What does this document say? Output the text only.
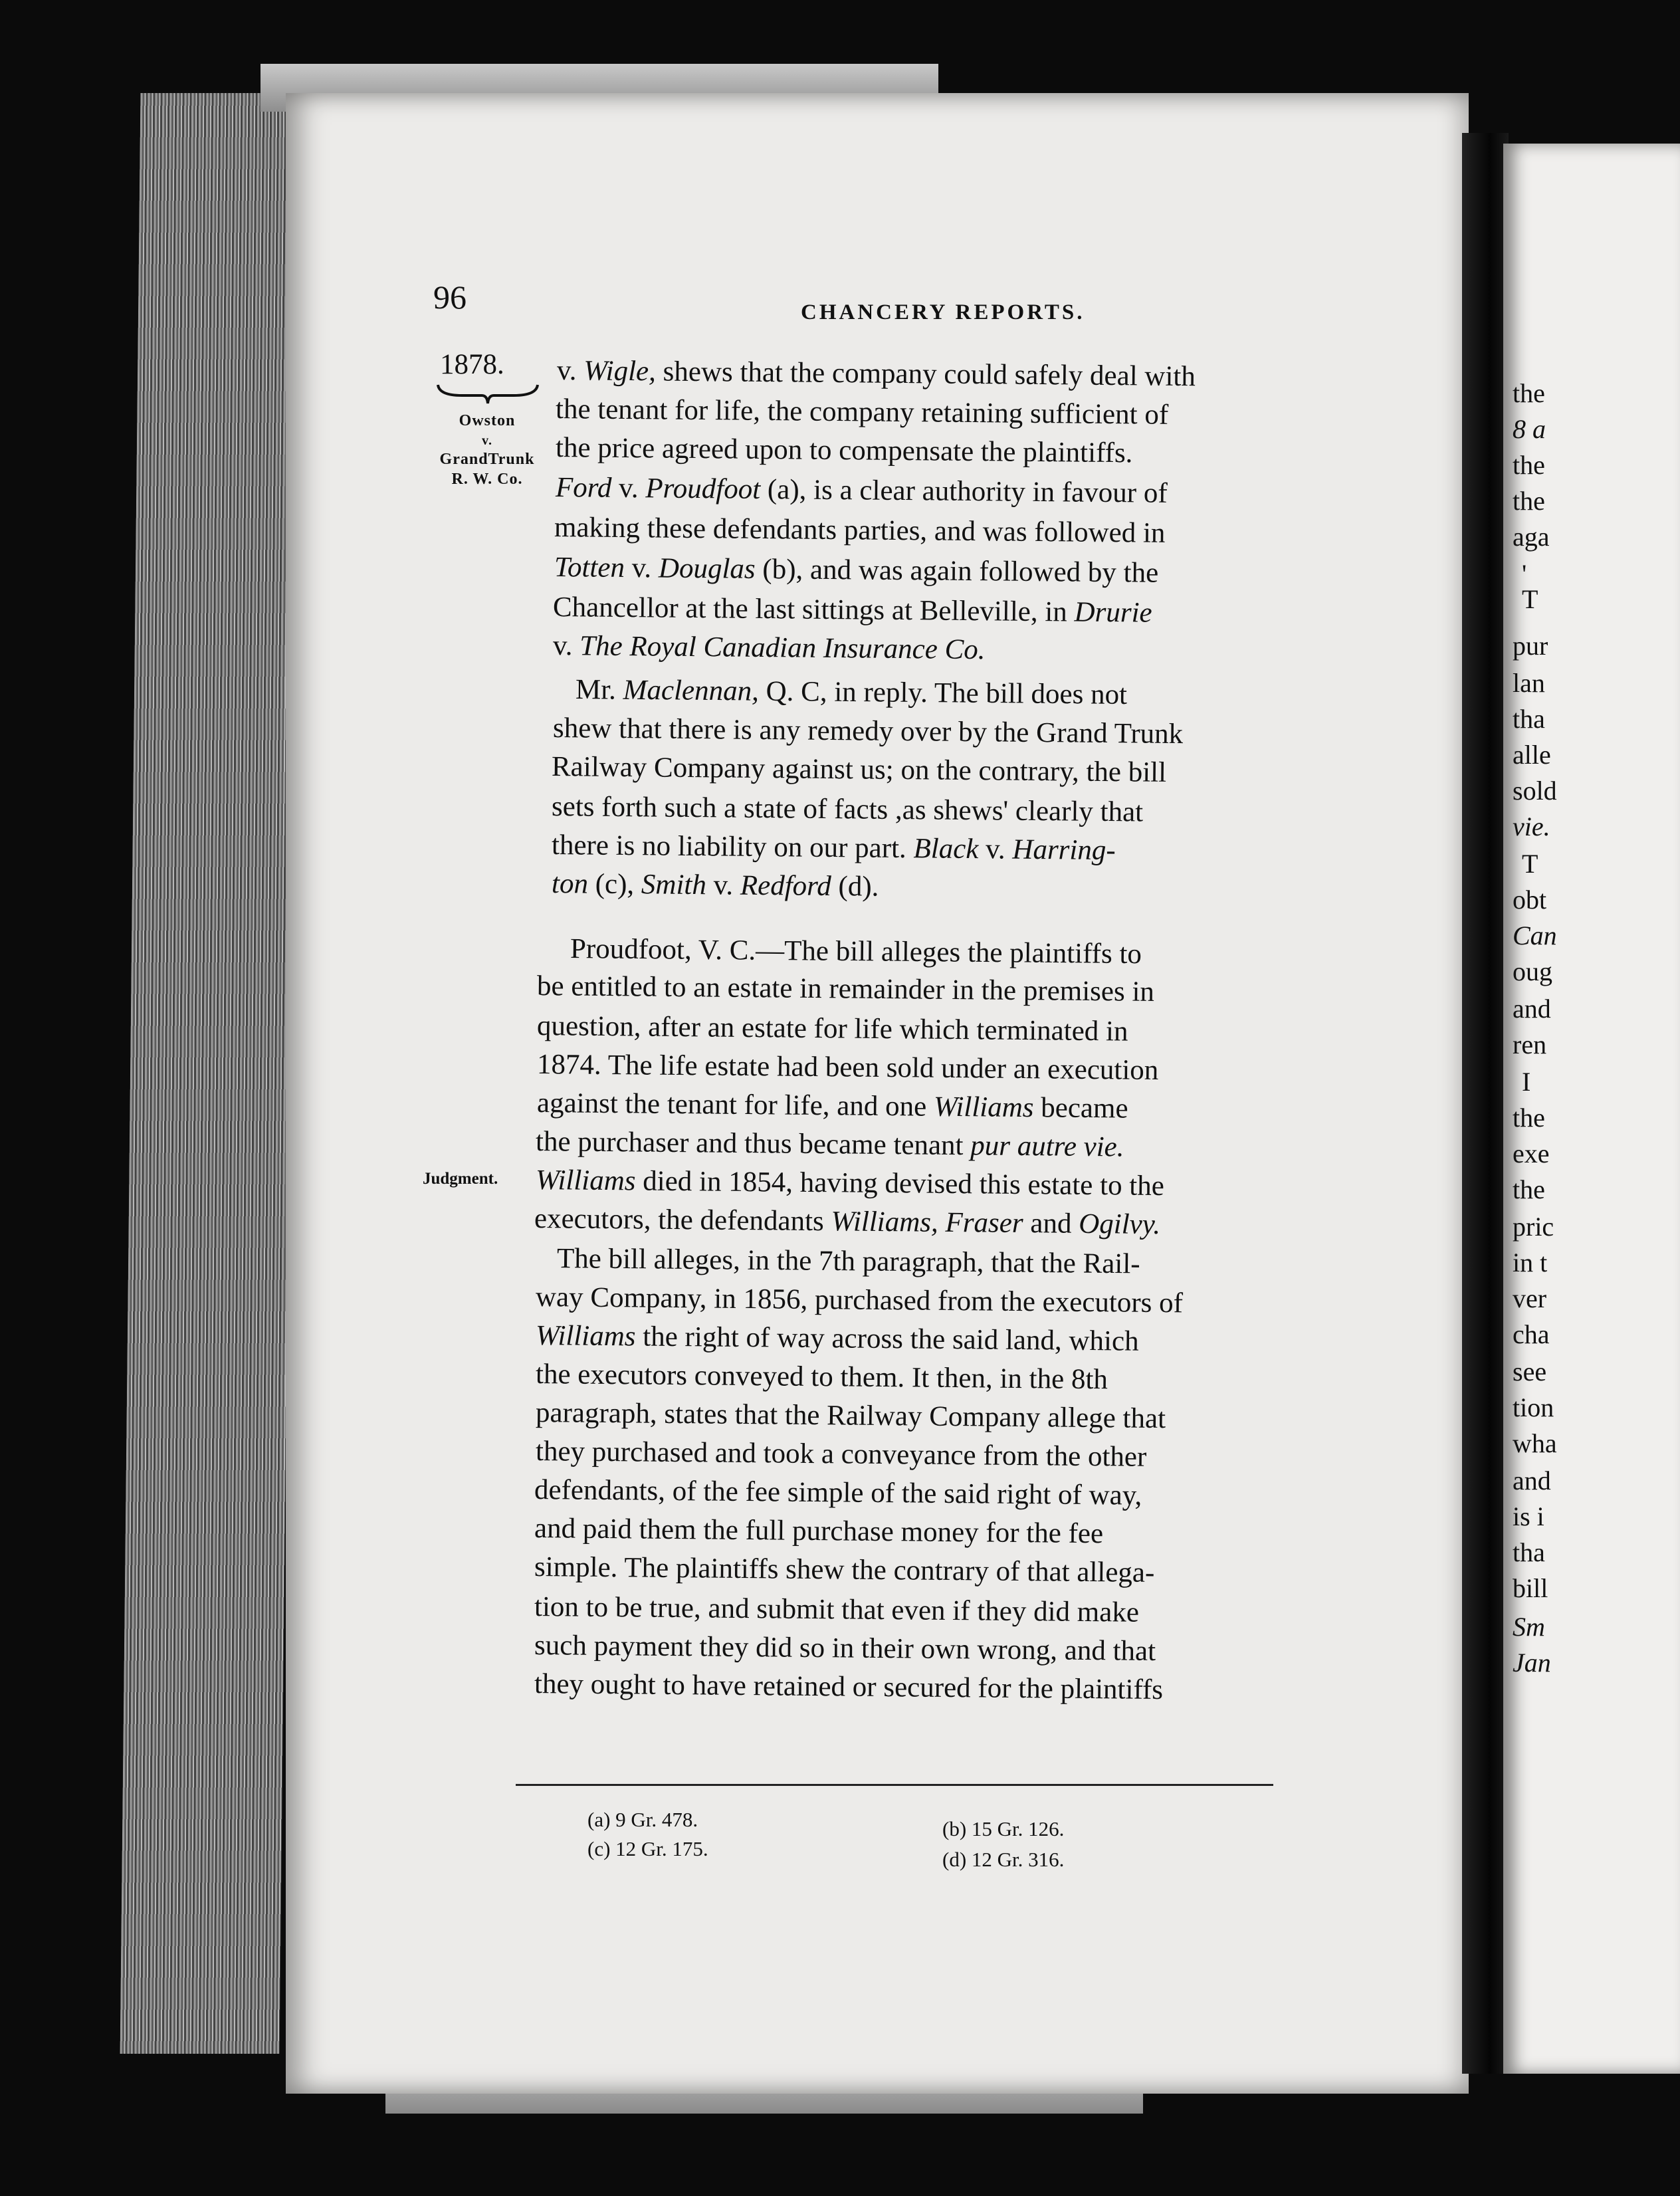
the
8 a
the
the
aga
'
T
pur
lan
tha
alle
sold
vie.
T
obt
Can
oug
and
ren
I
the
exe
the
pric
in t
ver
cha
see
tion
wha
and
is i
tha
bill
Sm
Jan
96	CHANCERY REPORTS.
1878.
Owston
v.
GrandTrunk
R. W. Co.
Judgment.
v. Wigle, shews that the company could safely deal with
the tenant for life, the company retaining sufficient of
the price agreed upon to compensate the plaintiffs.
Ford v. Proudfoot (a), is a clear authority in favour of
making these defendants parties, and was followed in
Totten v. Douglas (b), and was again followed by the
Chancellor at the last sittings at Belleville, in Drurie
v. The Royal Canadian Insurance Co.
Mr. Maclennan, Q. C, in reply. The bill does not
shew that there is any remedy over by the Grand Trunk
Railway Company against us; on the contrary, the bill
sets forth such a state of facts ,as shews' clearly that
there is no liability on our part. Black v. Harring-
ton (c), Smith v. Redford (d).
Proudfoot, V. C.—The bill alleges the plaintiffs to
be entitled to an estate in remainder in the premises in
question, after an estate for life which terminated in
1874. The life estate had been sold under an execution
against the tenant for life, and one Williams became
the purchaser and thus became tenant pur autre vie.
Williams died in 1854, having devised this estate to the
executors, the defendants Williams, Fraser and Ogilvy.
The bill alleges, in the 7th paragraph, that the Rail-
way Company, in 1856, purchased from the executors of
Williams the right of way across the said land, which
the executors conveyed to them. It then, in the 8th
paragraph, states that the Railway Company allege that
they purchased and took a conveyance from the other
defendants, of the fee simple of the said right of way,
and paid them the full purchase money for the fee
simple. The plaintiffs shew the contrary of that allega-
tion to be true, and submit that even if they did make
such payment they did so in their own wrong, and that
they ought to have retained or secured for the plaintiffs
(a) 9 Gr. 478.
(c) 12 Gr. 175.
(b) 15 Gr. 126.
(d) 12 Gr. 316.
